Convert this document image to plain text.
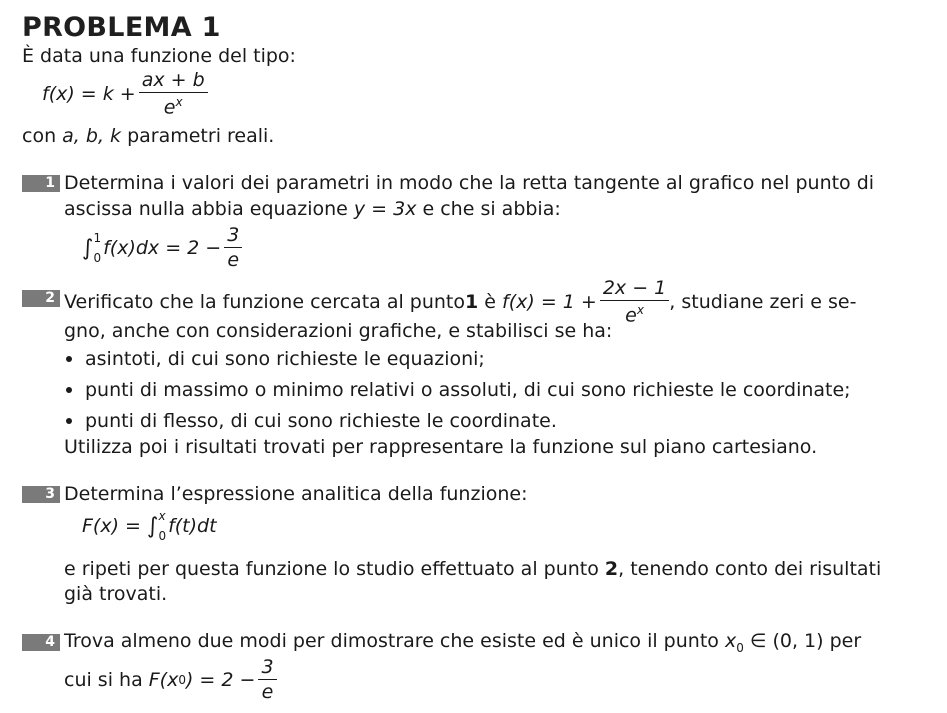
PROBLEMA 1
È data una funzione del tipo:
$f(x) = k + \frac{ax + b}{e^x}$
con a, b, k parametri reali.
1 Determina i valori dei parametri in modo che la retta tangente al grafico nel punto di
ascissa nulla abbia equazione y = 3x e che si abbia:
∫ 1
0 $f(x)dx = 2 - \frac{3}{e}$
2 Verificato che la funzione cercata al punto 1 è $f(x) = 1 + \frac{2x - 1}{e^x}$ , studiane zeri e se-
gno, anche con considerazioni grafiche, e stabilisci se ha:
asintoti, di cui sono richieste le equazioni;
punti di massimo o minimo relativi o assoluti, di cui sono richieste le coordinate;
punti di flesso, di cui sono richieste le coordinate.
Utilizza poi i risultati trovati per rappresentare la funzione sul piano cartesiano.
3 Determina l’espressione analitica della funzione:
F(x) = ∫ x
0 f(t)dt
e ripeti per questa funzione lo studio effettuato al punto 2, tenendo conto dei risultati
già trovati.
4 Trova almeno due modi per dimostrare che esiste ed è unico il punto $x_0$ ∈ (0, 1) per
cui si ha F(x 0 ) = $2 - \frac{3}{e}$
